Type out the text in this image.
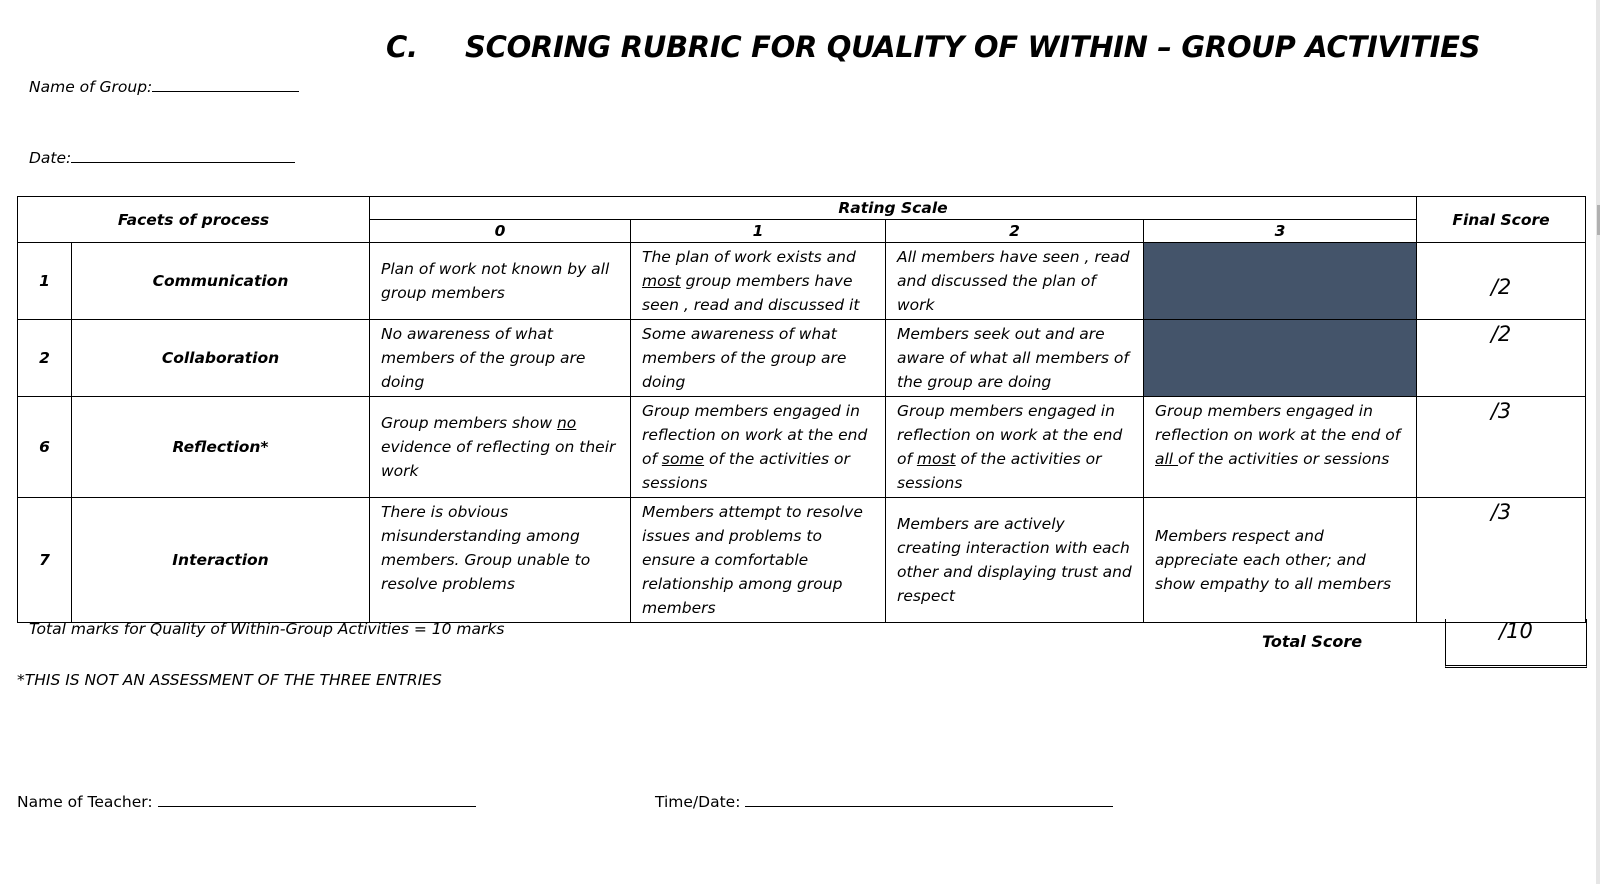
C. SCORING RUBRIC FOR QUALITY OF WITHIN – GROUP ACTIVITIES
Name of Group:
Date:
Facets of process		Rating Scale				Final Score
		0	1	2	3	
1	Communication	Plan of work not known by all group members	The plan of work exists and most group members have seen , read and discussed it	All members have seen , read and discussed the plan of work		/2

2	Collaboration	No awareness of what members of the group are doing	Some awareness of what members of the group are doing	Members seek out and are aware of what all members of the group are doing		/2

6	Reflection*	Group members show no evidence of reflecting on their work	Group members engaged in reflection on work at the end of some of the activities or sessions	Group members engaged in reflection on work at the end of most of the activities or sessions	Group members engaged in reflection on work at the end of all of the activities or sessions	/3

7	Interaction	There is obvious misunderstanding among members. Group unable to resolve problems	Members attempt to resolve issues and problems to ensure a comfortable relationship among group members	Members are actively creating interaction with each other and displaying trust and respect	Members respect and appreciate each other; and show empathy to all members	/3
Total marks for Quality of Within-Group Activities = 10 marks
Total Score	/10
*THIS IS NOT AN ASSESSMENT OF THE THREE ENTRIES
Name of Teacher:	Time/Date:
